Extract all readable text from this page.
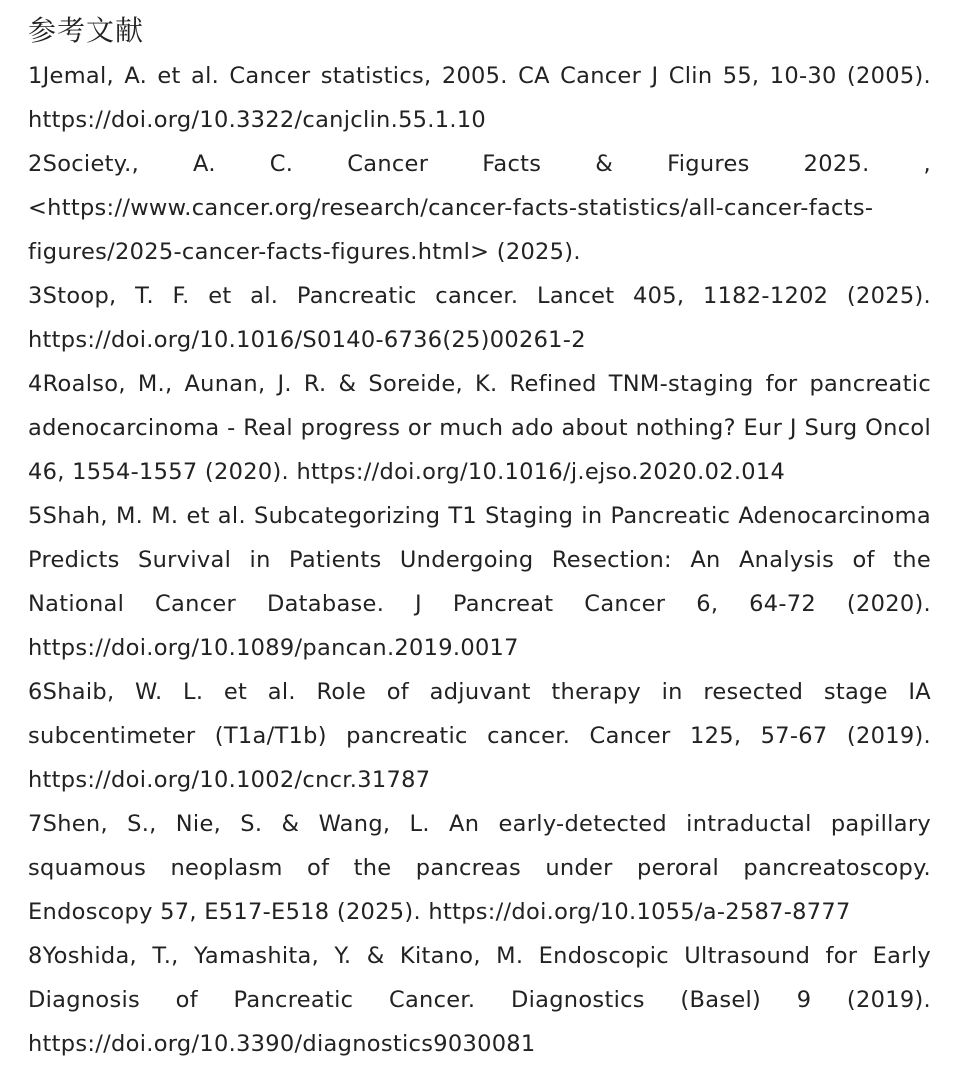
参考文献
1Jemal, A. et al. Cancer statistics, 2005. CA Cancer J Clin 55, 10-30 (2005). https://doi.org/10.3322/canjclin.55.1.10
2Society., A. C. Cancer Facts & Figures 2025. , <https://www.cancer.org/research/cancer-facts-statistics/all-cancer-facts-figures/2025-cancer-facts-figures.html> (2025).
3Stoop, T. F. et al. Pancreatic cancer. Lancet 405, 1182-1202 (2025). https://doi.org/10.1016/S0140-6736(25)00261-2
4Roalso, M., Aunan, J. R. & Soreide, K. Refined TNM-staging for pancreatic adenocarcinoma - Real progress or much ado about nothing? Eur J Surg Oncol 46, 1554-1557 (2020). https://doi.org/10.1016/j.ejso.2020.02.014
5Shah, M. M. et al. Subcategorizing T1 Staging in Pancreatic Adenocarcinoma Predicts Survival in Patients Undergoing Resection: An Analysis of the National Cancer Database. J Pancreat Cancer 6, 64-72 (2020). https://doi.org/10.1089/pancan.2019.0017
6Shaib, W. L. et al. Role of adjuvant therapy in resected stage IA subcentimeter (T1a/T1b) pancreatic cancer. Cancer 125, 57-67 (2019). https://doi.org/10.1002/cncr.31787
7Shen, S., Nie, S. & Wang, L. An early-detected intraductal papillary squamous neoplasm of the pancreas under peroral pancreatoscopy. Endoscopy 57, E517-E518 (2025). https://doi.org/10.1055/a-2587-8777
8Yoshida, T., Yamashita, Y. & Kitano, M. Endoscopic Ultrasound for Early Diagnosis of Pancreatic Cancer. Diagnostics (Basel) 9 (2019). https://doi.org/10.3390/diagnostics9030081
